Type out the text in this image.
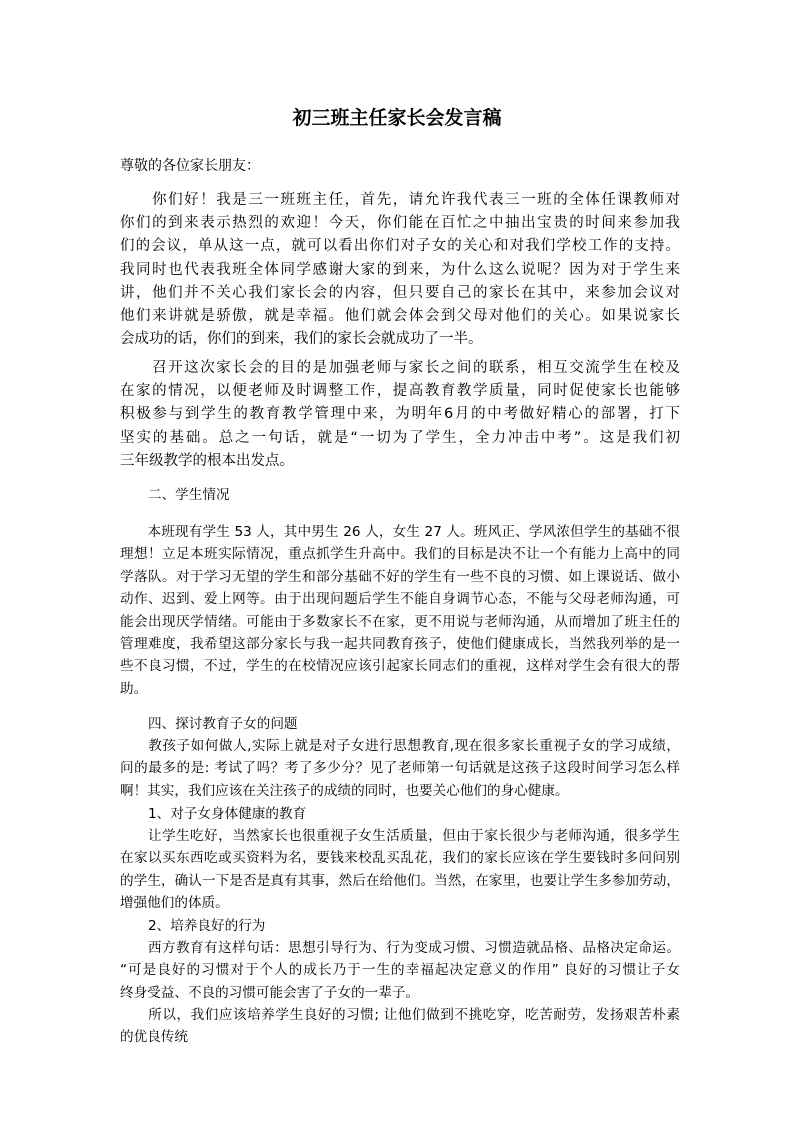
初三班主任家长会发言稿
尊敬的各位家长朋友：
　　你们好！我是三一班班主任，首先，请允许我代表三一班的全体任课教师对
你们的到来表示热烈的欢迎！今天，你们能在百忙之中抽出宝贵的时间来参加我
们的会议，单从这一点，就可以看出你们对子女的关心和对我们学校工作的支持。
我同时也代表我班全体同学感谢大家的到来，为什么这么说呢？因为对于学生来
讲，他们并不关心我们家长会的内容，但只要自己的家长在其中，来参加会议对
他们来讲就是骄傲，就是幸福。他们就会体会到父母对他们的关心。如果说家长
会成功的话，你们的到来，我们的家长会就成功了一半。
　　召开这次家长会的目的是加强老师与家长之间的联系，相互交流学生在校及
在家的情况，以便老师及时调整工作，提高教育教学质量，同时促使家长也能够
积极参与到学生的教育教学管理中来，为明年6月的中考做好精心的部署，打下
坚实的基础。总之一句话，就是“一切为了学生，全力冲击中考”。这是我们初
三年级教学的根本出发点。
二、学生情况
　　本班现有学生 53 人，其中男生 26 人，女生 27 人。班风正、学风浓但学生的基础不很
理想！立足本班实际情况，重点抓学生升高中。我们的目标是决不让一个有能力上高中的同
学落队。对于学习无望的学生和部分基础不好的学生有一些不良的习惯、如上课说话、做小
动作、迟到、爱上网等。由于出现问题后学生不能自身调节心态，不能与父母老师沟通，可
能会出现厌学情绪。可能由于多数家长不在家，更不用说与老师沟通，从而增加了班主任的
管理难度，我希望这部分家长与我一起共同教育孩子，使他们健康成长，当然我列举的是一
些不良习惯，不过，学生的在校情况应该引起家长同志们的重视，这样对学生会有很大的帮
助。
四、探讨教育子女的问题
　　教孩子如何做人,实际上就是对子女进行思想教育,现在很多家长重视子女的学习成绩，
问的最多的是: 考试了吗？考了多少分？见了老师第一句话就是这孩子这段时间学习怎么样
啊！其实，我们应该在关注孩子的成绩的同时，也要关心他们的身心健康。
1、对子女身体健康的教育
　　让学生吃好，当然家长也很重视子女生活质量，但由于家长很少与老师沟通，很多学生
在家以买东西吃或买资料为名，要钱来校乱买乱花，我们的家长应该在学生要钱时多问问别
的学生，确认一下是否是真有其事，然后在给他们。当然，在家里，也要让学生多参加劳动，
增强他们的体质。
2、培养良好的行为
　　西方教育有这样句话：思想引导行为、行为变成习惯、习惯造就品格、品格决定命运。
“可是良好的习惯对于个人的成长乃于一生的幸福起决定意义的作用” 良好的习惯让子女
终身受益、不良的习惯可能会害了子女的一辈子。
　　所以，我们应该培养学生良好的习惯; 让他们做到不挑吃穿，吃苦耐劳，发扬艰苦朴素
的优良传统
